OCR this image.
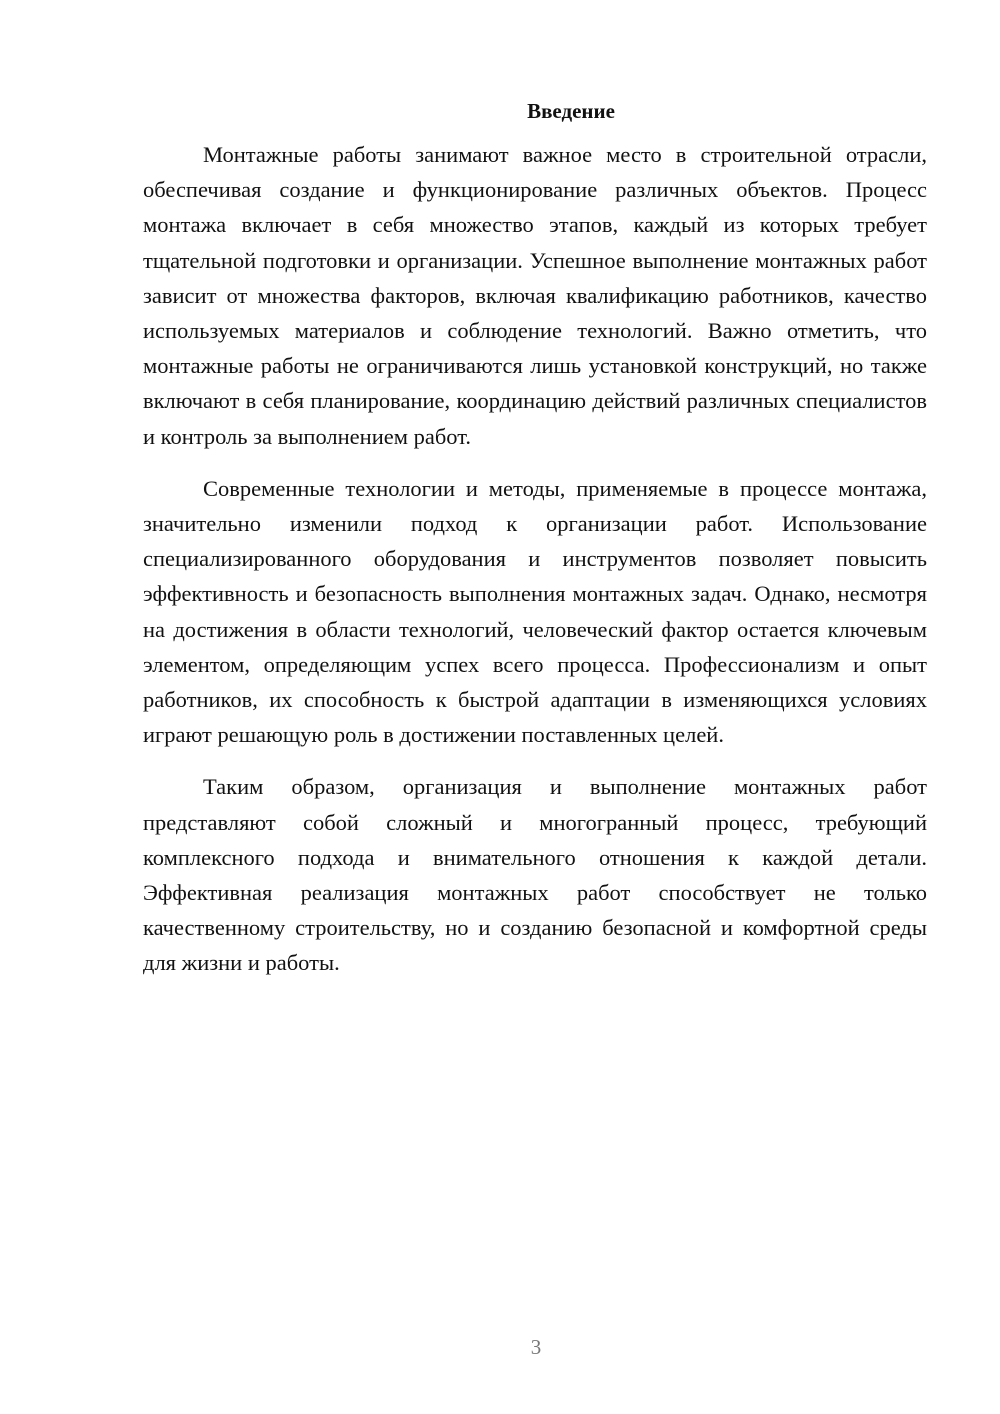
Введение

Монтажные работы занимают важное место в строительной отрасли, обеспечивая создание и функционирование различных объектов. Процесс монтажа включает в себя множество этапов, каждый из которых требует тщательной подготовки и организации. Успешное выполнение монтажных работ зависит от множества факторов, включая квалификацию работников, качество используемых материалов и соблюдение технологий. Важно отметить, что монтажные работы не ограничиваются лишь установкой конструкций, но также включают в себя планирование, координацию действий различных специалистов и контроль за выполнением работ.

Современные технологии и методы, применяемые в процессе монтажа, значительно изменили подход к организации работ. Использование специализированного оборудования и инструментов позволяет повысить эффективность и безопасность выполнения монтажных задач. Однако, несмотря на достижения в области технологий, человеческий фактор остается ключевым элементом, определяющим успех всего процесса. Профессионализм и опыт работников, их способность к быстрой адаптации в изменяющихся условиях играют решающую роль в достижении поставленных целей.

Таким образом, организация и выполнение монтажных работ представляют собой сложный и многогранный процесс, требующий комплексного подхода и внимательного отношения к каждой детали. Эффективная реализация монтажных работ способствует не только качественному строительству, но и созданию безопасной и комфортной среды для жизни и работы.

3
